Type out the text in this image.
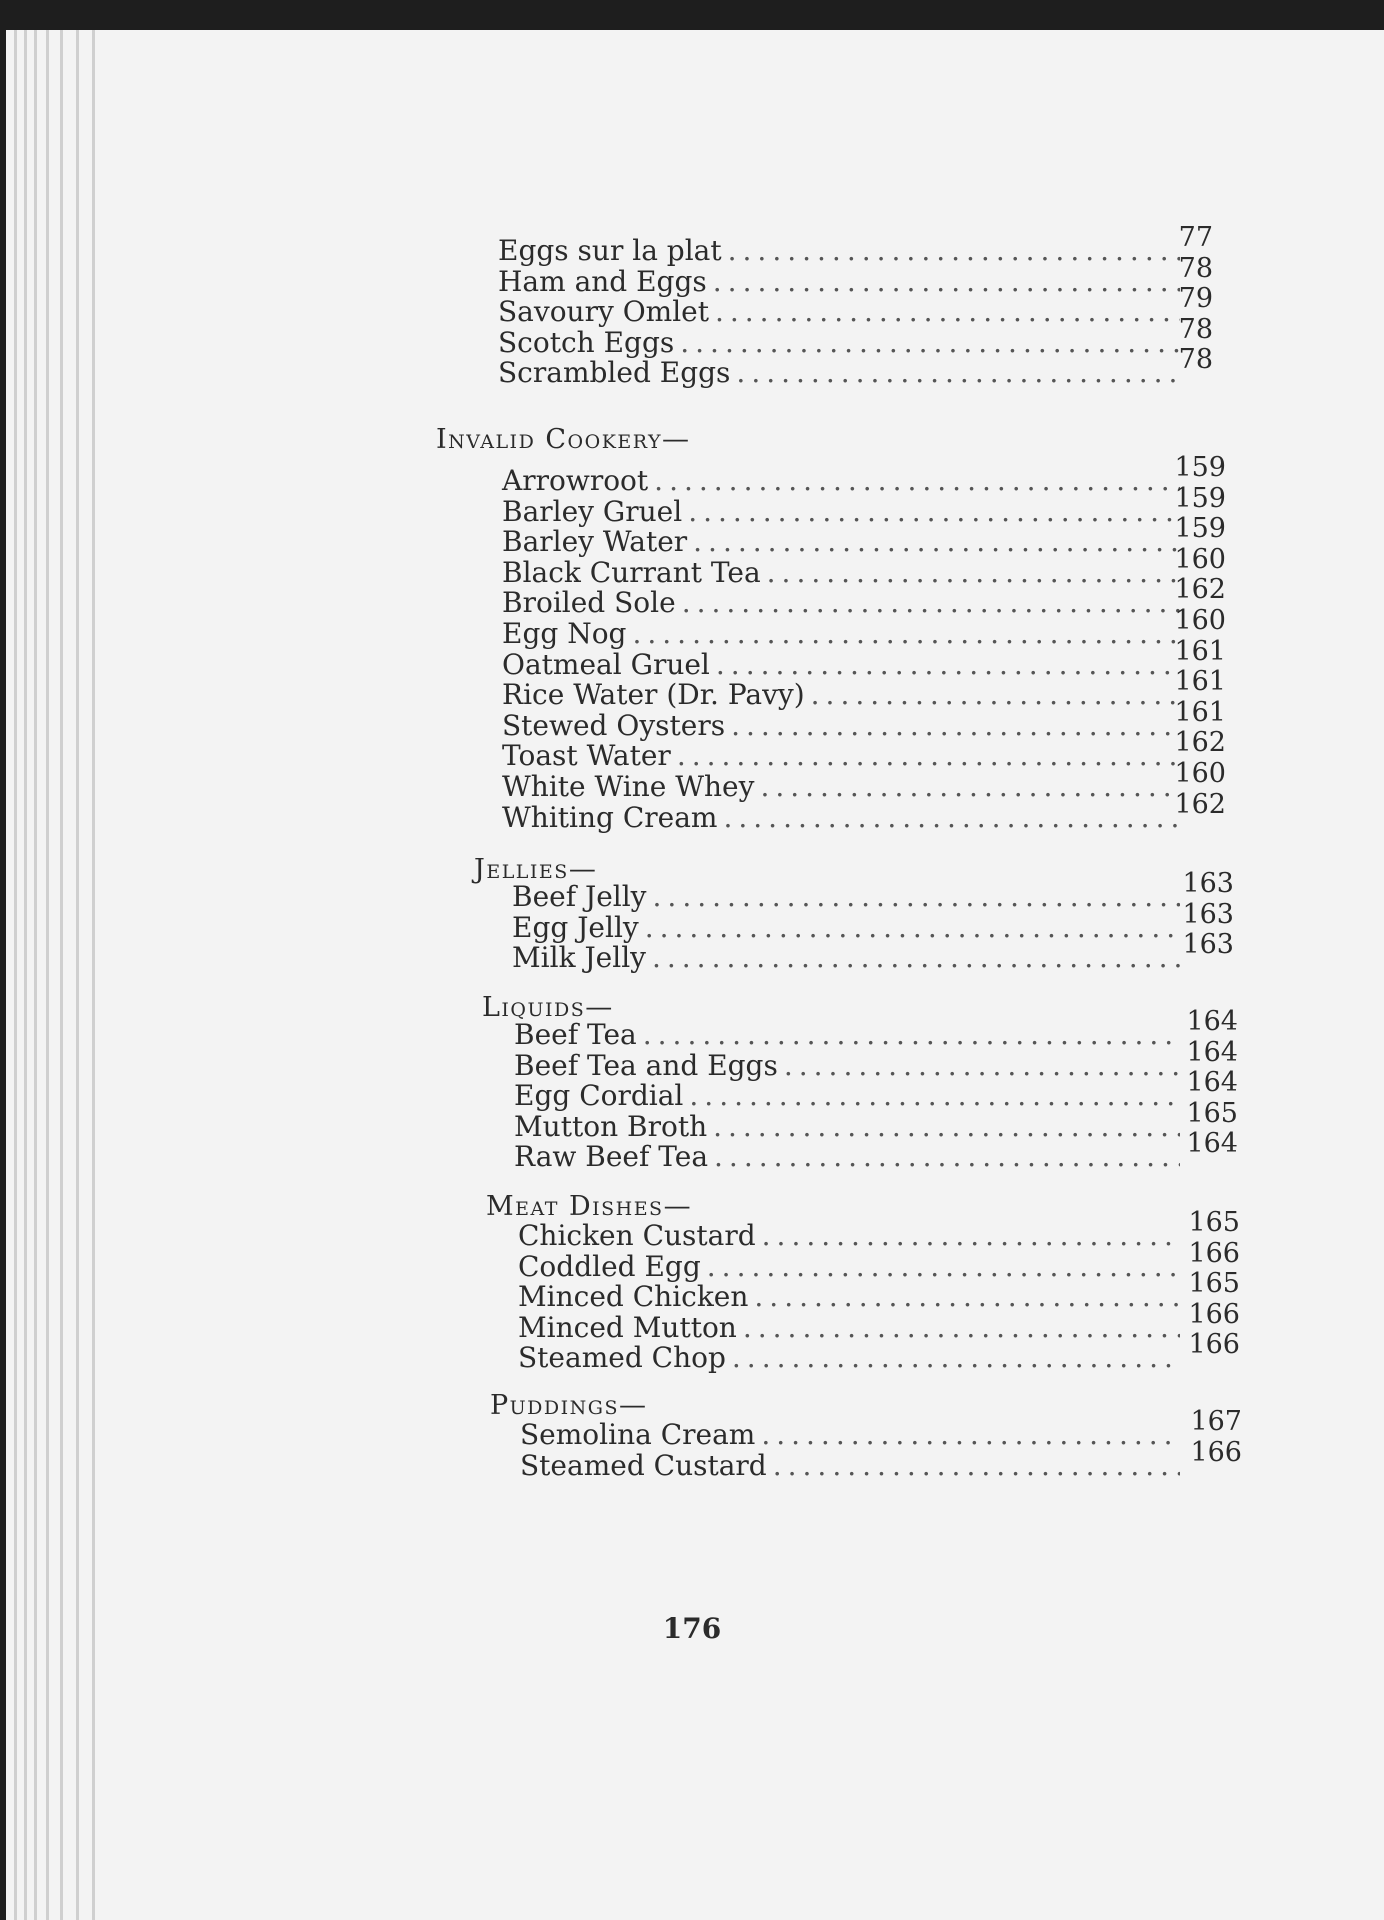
Eggs sur la plat .....	77
Ham and Eggs .....	78
Savoury Omlet .....	79
Scotch Eggs .....	78
Scrambled Eggs .....	78
Invalid Cookery—
Arrowroot .....	159
Barley Gruel .....	159
Barley Water .....	159
Black Currant Tea .....	160
Broiled Sole .....	162
Egg Nog .....	160
Oatmeal Gruel .....	161
Rice Water (Dr. Pavy) .....	161
Stewed Oysters .....	161
Toast Water .....	162
White Wine Whey .....	160
Whiting Cream .....	162
Jellies—
Beef Jelly .....	163
Egg Jelly .....	163
Milk Jelly .....	163
Liquids—
Beef Tea .....	164
Beef Tea and Eggs .....	164
Egg Cordial .....	164
Mutton Broth .....	165
Raw Beef Tea .....	164
Meat Dishes—
Chicken Custard .....	165
Coddled Egg .....	166
Minced Chicken .....	165
Minced Mutton .....	166
Steamed Chop .....	166
Puddings—
Semolina Cream .....	167
Steamed Custard .....	166
176
